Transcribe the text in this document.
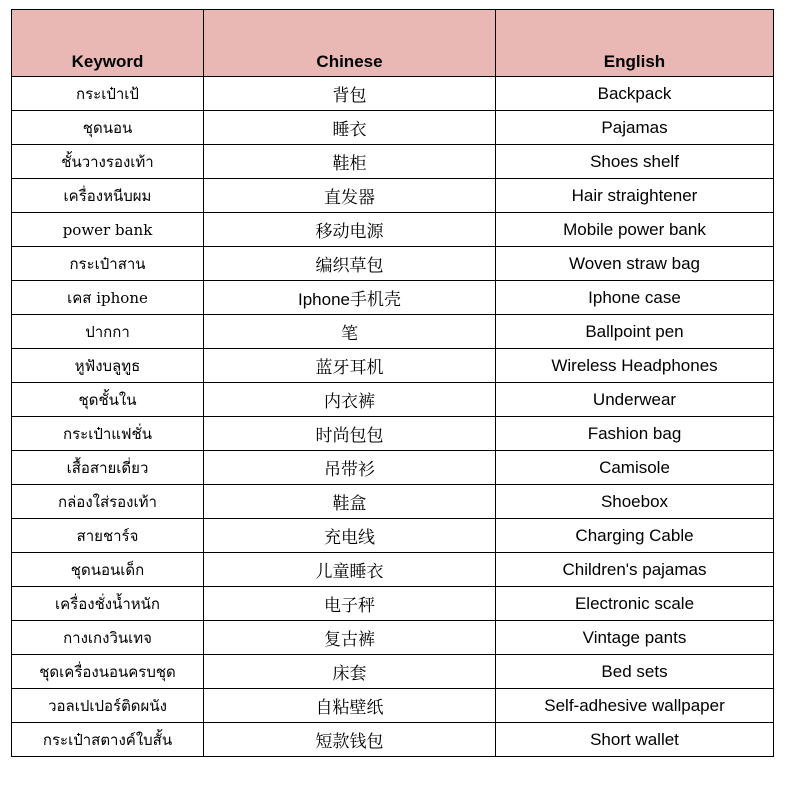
Keyword	Chinese	English
กระเป๋าเป้	背包	Backpack
ชุดนอน	睡衣	Pajamas
ชั้นวางรองเท้า	鞋柜	Shoes shelf
เครื่องหนีบผม	直发器	Hair straightener
power bank	移动电源	Mobile power bank
กระเป๋าสาน	编织草包	Woven straw bag
เคส iphone	Iphone手机壳	Iphone case
ปากกา	笔	Ballpoint pen
หูฟังบลูทูธ	蓝牙耳机	Wireless Headphones
ชุดชั้นใน	内衣裤	Underwear
กระเป๋าแฟชั่น	时尚包包	Fashion bag
เสื้อสายเดี่ยว	吊带衫	Camisole
กล่องใส่รองเท้า	鞋盒	Shoebox
สายชาร์จ	充电线	Charging Cable
ชุดนอนเด็ก	儿童睡衣	Children's pajamas
เครื่องชั่งน้ำหนัก	电子秤	Electronic scale
กางเกงวินเทจ	复古裤	Vintage pants
ชุดเครื่องนอนครบชุด	床套	Bed sets
วอลเปเปอร์ติดผนัง	自粘壁纸	Self-adhesive wallpaper
กระเป๋าสตางค์ใบสั้น	短款钱包	Short wallet
